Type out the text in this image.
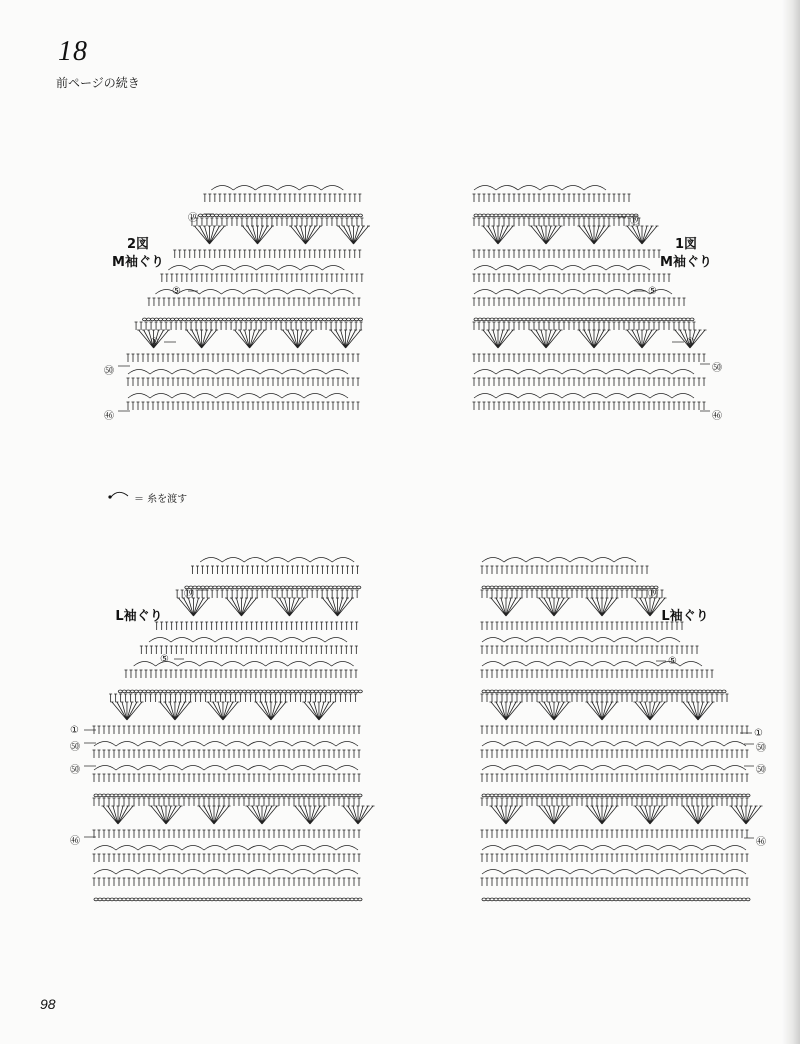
18
前ページの続き
2図
M袖ぐり
⑲
⑤
①
㊿
㊻
1図
M袖ぐり
⑲
⑤
①
㊿
㊻
＝ 糸を渡す
L袖ぐり
⑲
⑤
①
㊿
㊿
㊻
L袖ぐり
⑲
⑤
①
㊿
㊿
㊻
98
